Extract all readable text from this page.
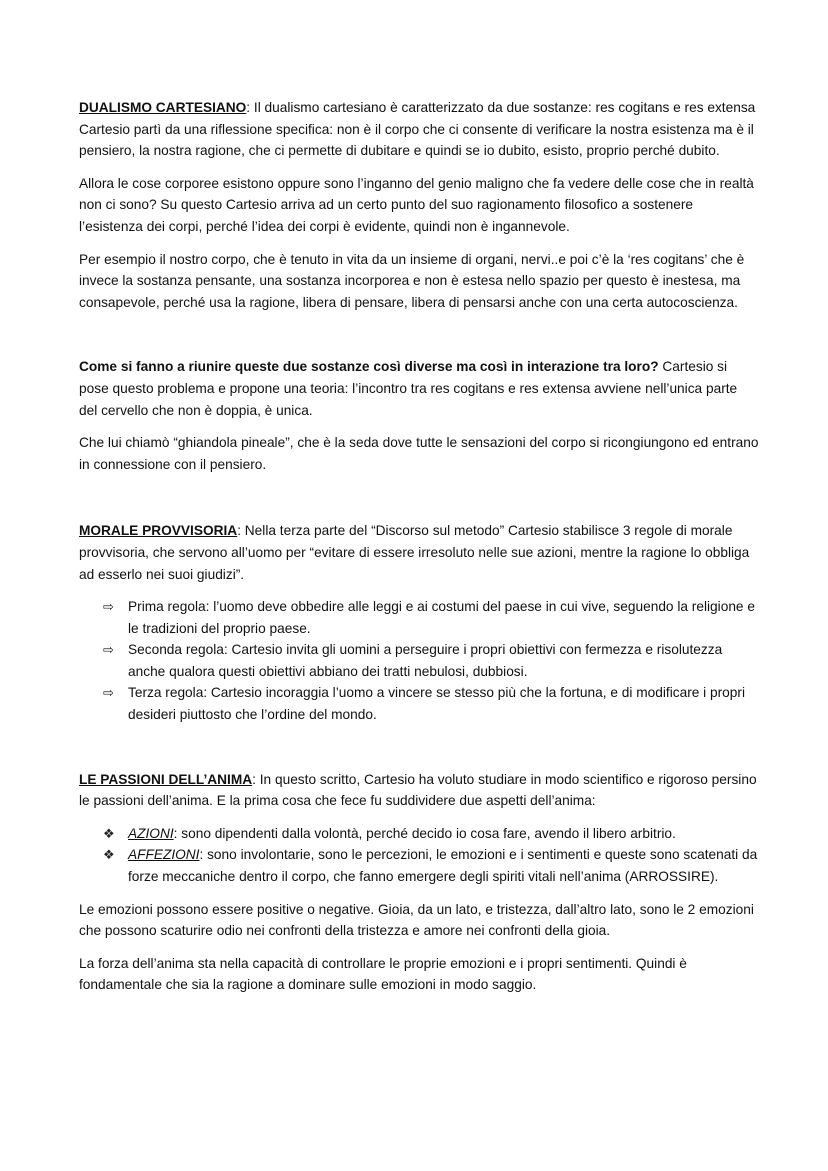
DUALISMO CARTESIANO: Il dualismo cartesiano è caratterizzato da due sostanze: res cogitans e res extensa Cartesio partì da una riflessione specifica: non è il corpo che ci consente di verificare la nostra esistenza ma è il pensiero, la nostra ragione, che ci permette di dubitare e quindi se io dubito, esisto, proprio perché dubito.

Allora le cose corporee esistono oppure sono l’inganno del genio maligno che fa vedere delle cose che in realtà non ci sono? Su questo Cartesio arriva ad un certo punto del suo ragionamento filosofico a sostenere l’esistenza dei corpi, perché l’idea dei corpi è evidente, quindi non è ingannevole.

Per esempio il nostro corpo, che è tenuto in vita da un insieme di organi, nervi..e poi c’è la ‘res cogitans’ che è invece la sostanza pensante, una sostanza incorporea e non è estesa nello spazio per questo è inestesa, ma consapevole, perché usa la ragione, libera di pensare, libera di pensarsi anche con una certa autocoscienza.

Come si fanno a riunire queste due sostanze così diverse ma così in interazione tra loro? Cartesio si pose questo problema e propone una teoria: l’incontro tra res cogitans e res extensa avviene nell’unica parte del cervello che non è doppia, è unica.

Che lui chiamò “ghiandola pineale”, che è la seda dove tutte le sensazioni del corpo si ricongiungono ed entrano in connessione con il pensiero.

MORALE PROVVISORIA: Nella terza parte del “Discorso sul metodo” Cartesio stabilisce 3 regole di morale provvisoria, che servono all’uomo per “evitare di essere irresoluto nelle sue azioni, mentre la ragione lo obbliga ad esserlo nei suoi giudizi”.

⇨ Prima regola: l’uomo deve obbedire alle leggi e ai costumi del paese in cui vive, seguendo la religione e le tradizioni del proprio paese.
⇨ Seconda regola: Cartesio invita gli uomini a perseguire i propri obiettivi con fermezza e risolutezza anche qualora questi obiettivi abbiano dei tratti nebulosi, dubbiosi.
⇨ Terza regola: Cartesio incoraggia l’uomo a vincere se stesso più che la fortuna, e di modificare i propri desideri piuttosto che l’ordine del mondo.

LE PASSIONI DELL’ANIMA: In questo scritto, Cartesio ha voluto studiare in modo scientifico e rigoroso persino le passioni dell’anima. E la prima cosa che fece fu suddividere due aspetti dell’anima:

❖ AZIONI: sono dipendenti dalla volontà, perché decido io cosa fare, avendo il libero arbitrio.
❖ AFFEZIONI: sono involontarie, sono le percezioni, le emozioni e i sentimenti e queste sono scatenati da forze meccaniche dentro il corpo, che fanno emergere degli spiriti vitali nell’anima (ARROSSIRE).

Le emozioni possono essere positive o negative. Gioia, da un lato, e tristezza, dall’altro lato, sono le 2 emozioni che possono scaturire odio nei confronti della tristezza e amore nei confronti della gioia.

La forza dell’anima sta nella capacità di controllare le proprie emozioni e i propri sentimenti. Quindi è fondamentale che sia la ragione a dominare sulle emozioni in modo saggio.
